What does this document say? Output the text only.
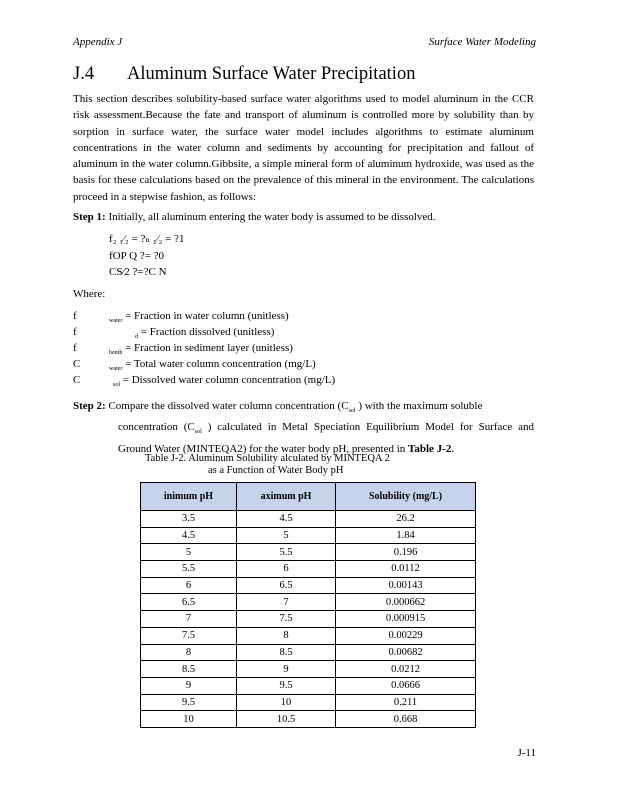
Appendix J	Surface Water Modeling
J.4 Aluminum Surface Water Precipitation
This section describes solubility-based surface water algorithms used to model aluminum in the CCR risk assessment.Because the fate and transport of aluminum is controlled more by solubility than by sorption in surface water, the surface water model includes algorithms to estimate aluminum concentrations in the water column and sediments by accounting for precipitation and fallout of aluminum in the water column.Gibbsite, a simple mineral form of aluminum hydroxide, was used as the basis for these calculations based on the prevalence of this mineral in the environment. The calculations proceed in a stepwise fashion, as follows:
Step 1: Initially, all aluminum entering the water body is assumed to be dissolved.
f₂ ₁⁄₂ = ?ₙ ₁⁄₂ = ?1
fOP Q ?= ?0
CS⁄2 ?=?C N
Where:
f	$_{water}$ = Fraction in water column (unitless)
f	$_d$ = Fraction dissolved (unitless)
f	$_{benth}$ = Fraction in sediment layer (unitless)
C	$_{water}$ = Total water column concentration (mg/L)
C	$_{sol}$ = Dissolved water column concentration (mg/L)
Step 2: Compare the dissolved water column concentration ($C_{sol}$ ) with the maximum soluble
concentration ($C_{sol}$ ) calculated in Metal Speciation Equilibrium Model for Surface and Ground Water (MINTEQA2) for the water body pH, presented in Table J-2.
Table J-2. Aluminum Solubility alculated by MINTEQA 2
as a Function of Water Body pH
inimum pH	aximum pH	Solubility (mg/L)
3.5	4.5	26.2
4.5	5	1.84
5	5.5	0.196
5.5	6	0.0112
6	6.5	0.00143
6.5	7	0.000662
7	7.5	0.000915
7.5	8	0.00229
8	8.5	0.00682
8.5	9	0.0212
9	9.5	0.0666
9.5	10	0.211
10	10.5	0.668
J-11
